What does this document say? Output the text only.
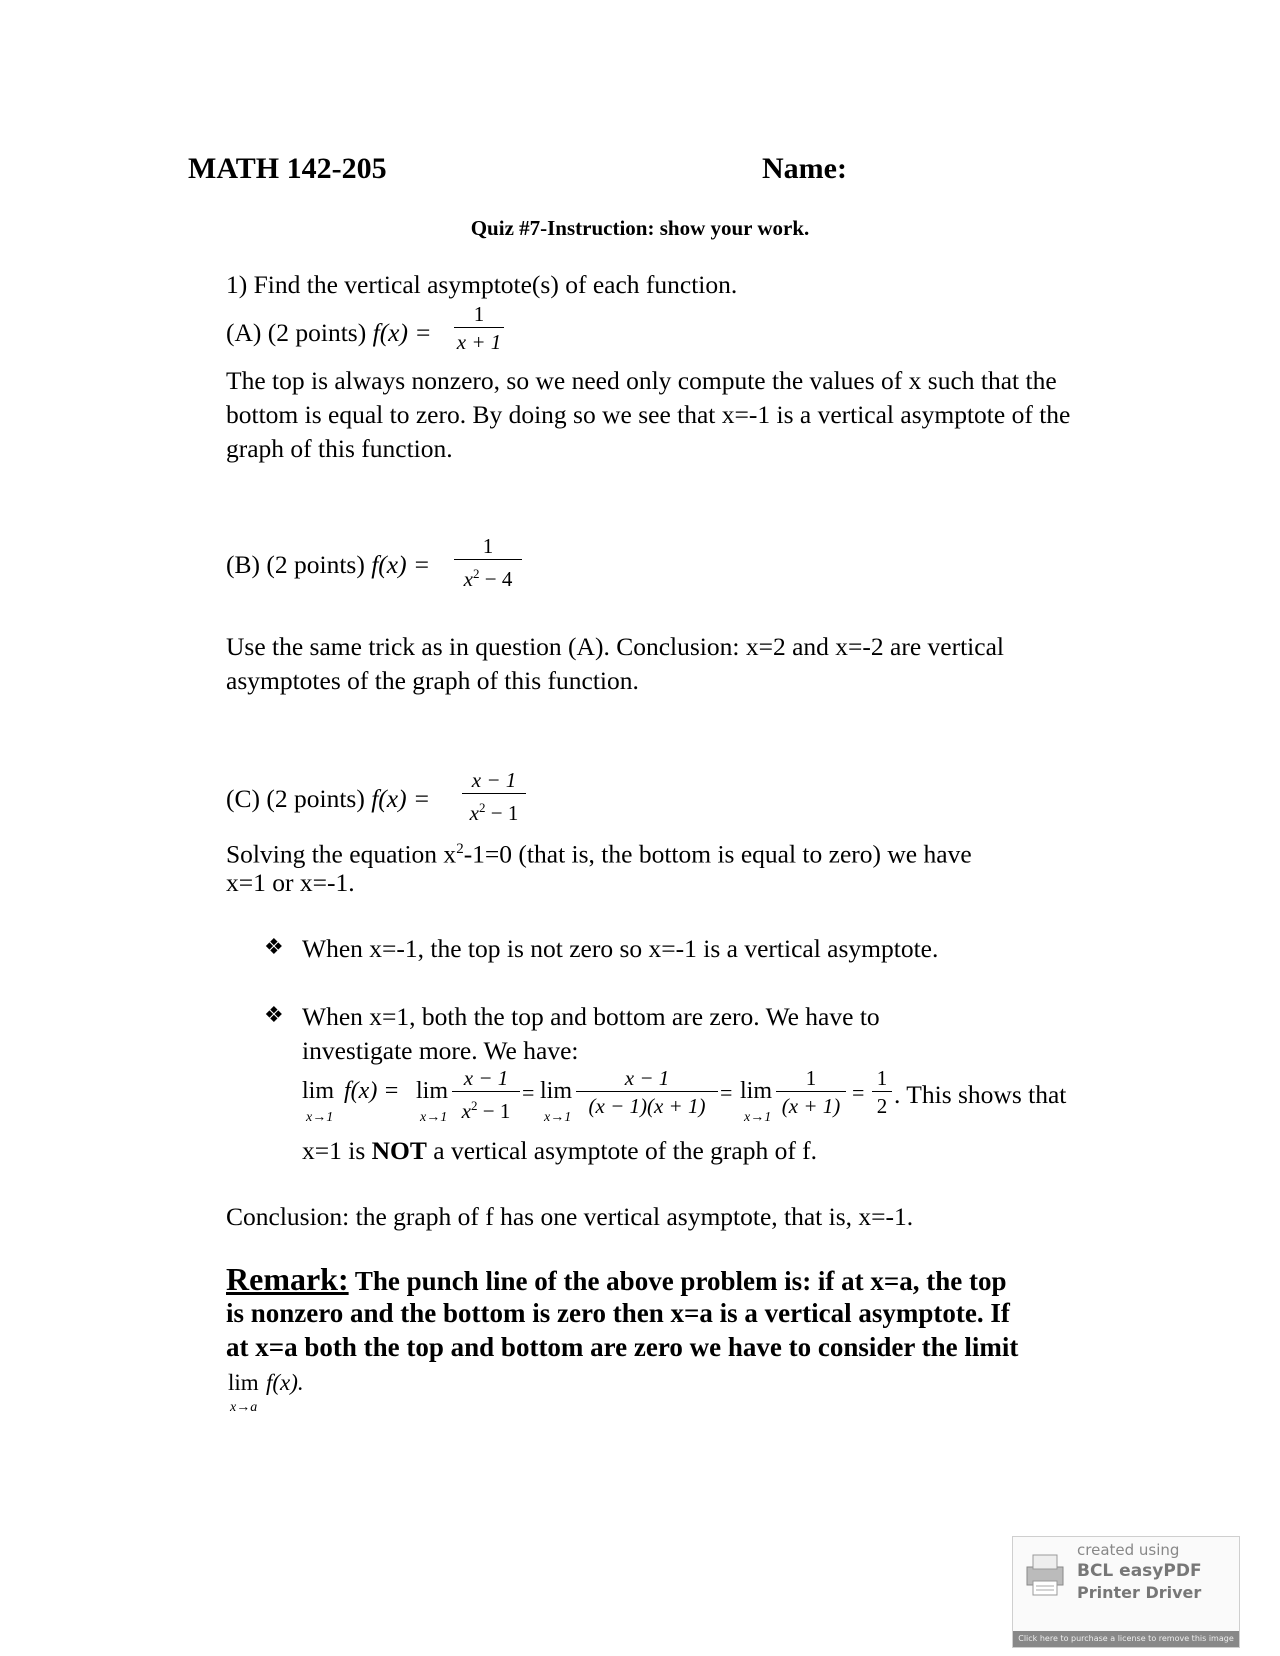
MATH 142-205	Name:
Quiz #7-Instruction: show your work.
1) Find the vertical asymptote(s) of each function.
(A) (2 points) f(x) =
1
x + 1
The top is always nonzero, so we need only compute the values of x such that the bottom is equal to zero. By doing so we see that x=-1 is a vertical asymptote of the graph of this function.
(B) (2 points) f(x) =
1
$x^2 - 4$
Use the same trick as in question (A). Conclusion: x=2 and x=-2 are vertical asymptotes of the graph of this function.
(C) (2 points) f(x) =
x − 1
$x^2 - 1$
Solving the equation $x^2-1=0$ (that is, the bottom is equal to zero) we have
x=1 or x=-1.
❖ When x=-1, the top is not zero so x=-1 is a vertical asymptote.
❖ When x=1, both the top and bottom are zero. We have to
investigate more. We have:
lim
x→1
f(x) = lim
x→1
x − 1
$x^2 - 1$
= lim
x→1
x − 1
(x − 1)(x + 1)
= lim
x→1
1
(x + 1)
=
1
2 . This shows that
x=1 is NOT a vertical asymptote of the graph of f.
Conclusion: the graph of f has one vertical asymptote, that is, x=-1.
Remark: The punch line of the above problem is: if at x=a, the top
is nonzero and the bottom is zero then x=a is a vertical asymptote. If
at x=a both the top and bottom are zero we have to consider the limit
lim
x→a
f(x).
created using
BCL easyPDF
Printer Driver
Click here to purchase a license to remove this image
